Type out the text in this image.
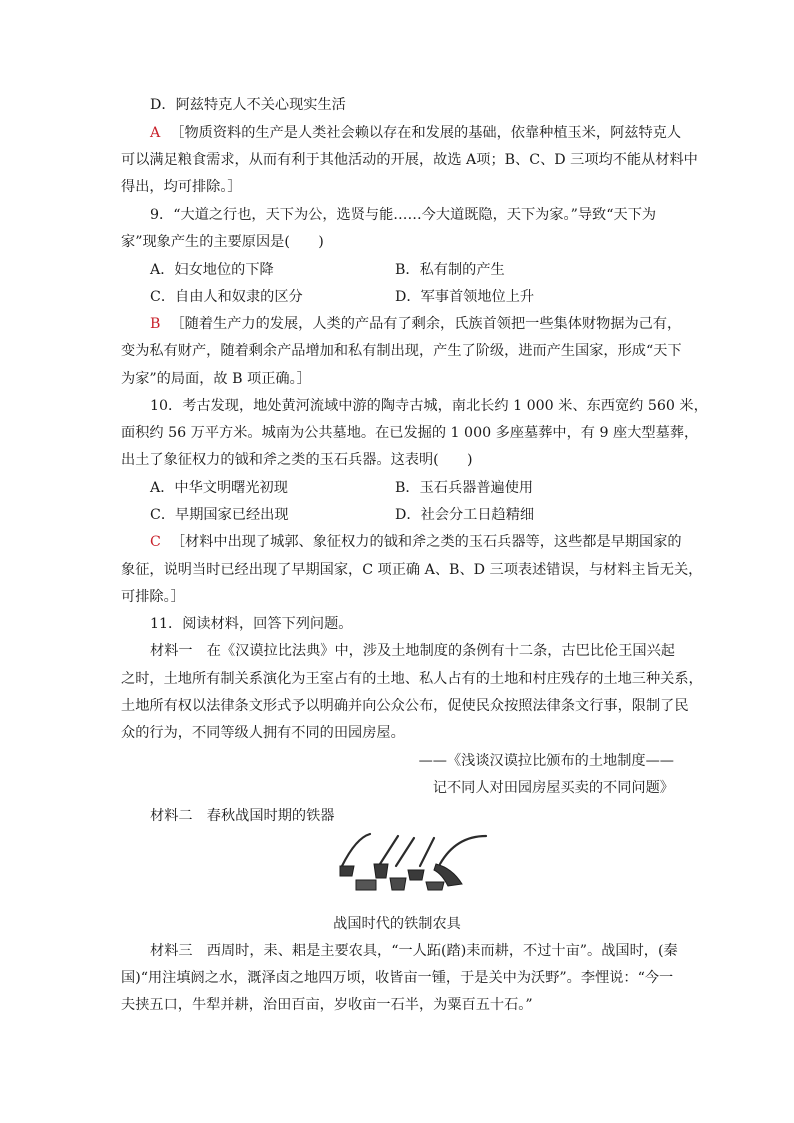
D．阿兹特克人不关心现实生活
A ［物质资料的生产是人类社会赖以存在和发展的基础，依靠种植玉米，阿兹特克人
可以满足粮食需求，从而有利于其他活动的开展，故选 A项；B、C、D 三项均不能从材料中
得出，均可排除。］
9．“大道之行也，天下为公，选贤与能……今大道既隐，天下为家。”导致“天下为
家”现象产生的主要原因是(　　)
A．妇女地位的下降	B．私有制的产生
C．自由人和奴隶的区分	D．军事首领地位上升
B ［随着生产力的发展，人类的产品有了剩余，氏族首领把一些集体财物据为己有，
变为私有财产，随着剩余产品增加和私有制出现，产生了阶级，进而产生国家，形成“天下
为家”的局面，故 B 项正确。］
10．考古发现，地处黄河流域中游的陶寺古城，南北长约 1 000 米、东西宽约 560 米，
面积约 56 万平方米。城南为公共墓地。在已发掘的 1 000 多座墓葬中，有 9 座大型墓葬，
出土了象征权力的钺和斧之类的玉石兵器。这表明(　　)
A．中华文明曙光初现	B．玉石兵器普遍使用
C．早期国家已经出现	D．社会分工日趋精细
C ［材料中出现了城郭、象征权力的钺和斧之类的玉石兵器等，这些都是早期国家的
象征，说明当时已经出现了早期国家，C 项正确 A、B、D 三项表述错误，与材料主旨无关，
可排除。］
11．阅读材料，回答下列问题。
材料一　在《汉谟拉比法典》中，涉及土地制度的条例有十二条，古巴比伦王国兴起
之时，土地所有制关系演化为王室占有的土地、私人占有的土地和村庄残存的土地三种关系，
土地所有权以法律条文形式予以明确并向公众公布，促使民众按照法律条文行事，限制了民
众的行为，不同等级人拥有不同的田园房屋。
——《浅谈汉谟拉比颁布的土地制度——
记不同人对田园房屋买卖的不同问题》
材料二　春秋战国时期的铁器
战国时代的铁制农具
材料三　西周时，耒、耜是主要农具，“一人跖(踏)耒而耕，不过十亩”。战国时，(秦
国)“用注填阏之水，溉泽卤之地四万顷，收皆亩一锺，于是关中为沃野”。李悝说：“今一
夫挟五口，牛犁并耕，治田百亩，岁收亩一石半，为粟百五十石。”
